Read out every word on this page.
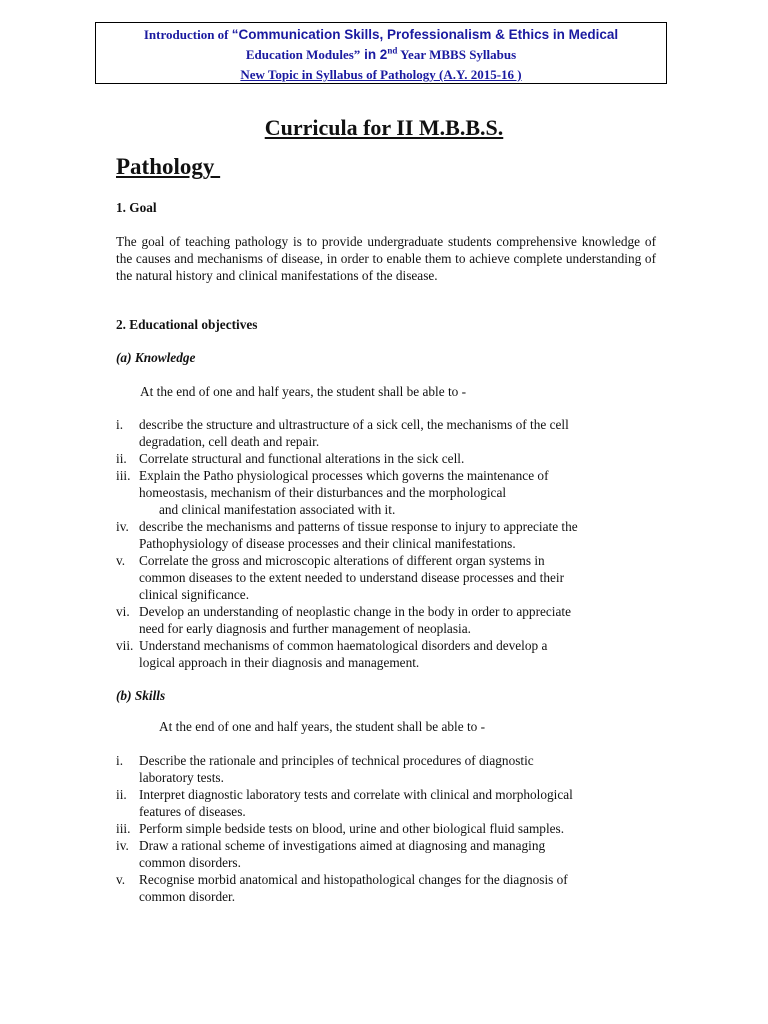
Introduction of “Communication Skills, Professionalism & Ethics in Medical
Education Modules” in 2nd Year MBBS Syllabus
New Topic in Syllabus of Pathology (A.Y. 2015-16 )
Curricula for II M.B.B.S.
Pathology
1. Goal
The goal of teaching pathology is to provide undergraduate students comprehensive knowledge of the causes and mechanisms of disease, in order to enable them to achieve complete understanding of the natural history and clinical manifestations of the disease.
2. Educational objectives
(a) Knowledge
At the end of one and half years, the student shall be able to -
i. describe the structure and ultrastructure of a sick cell, the mechanisms of the cell
degradation, cell death and repair.
ii. Correlate structural and functional alterations in the sick cell.
iii. Explain the Patho physiological processes which governs the maintenance of
homeostasis, mechanism of their disturbances and the morphological
and clinical manifestation associated with it.
iv. describe the mechanisms and patterns of tissue response to injury to appreciate the
Pathophysiology of disease processes and their clinical manifestations.
v. Correlate the gross and microscopic alterations of different organ systems in
common diseases to the extent needed to understand disease processes and their
clinical significance.
vi. Develop an understanding of neoplastic change in the body in order to appreciate
need for early diagnosis and further management of neoplasia.
vii. Understand mechanisms of common haematological disorders and develop a
logical approach in their diagnosis and management.
(b) Skills
At the end of one and half years, the student shall be able to -
i. Describe the rationale and principles of technical procedures of diagnostic
laboratory tests.
ii. Interpret diagnostic laboratory tests and correlate with clinical and morphological
features of diseases.
iii. Perform simple bedside tests on blood, urine and other biological fluid samples.
iv. Draw a rational scheme of investigations aimed at diagnosing and managing
common disorders.
v. Recognise morbid anatomical and histopathological changes for the diagnosis of
common disorder.
